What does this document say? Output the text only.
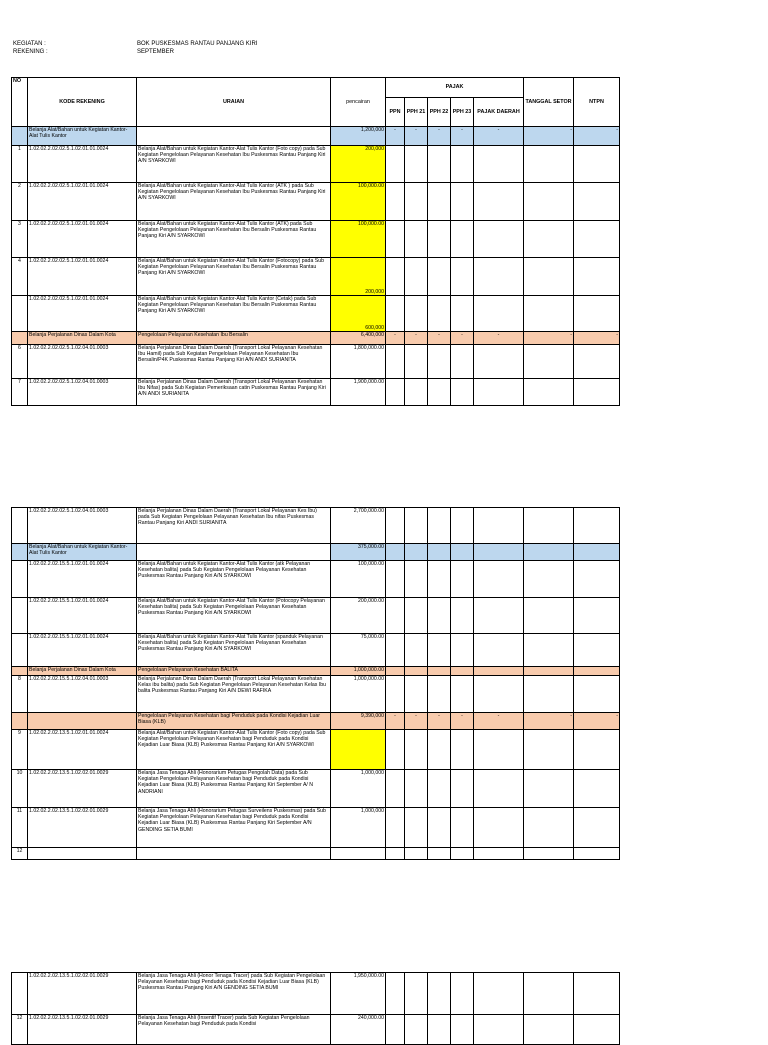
KEGIATAN :
REKENING :
BOK PUSKESMAS RANTAU PANJANG KIRI
SEPTEMBER
NO	KODE REKENING	URAIAN	pencairan	PAJAK					TANGGAL SETOR	NTPN
				PPN	PPH 21	PPH 22	PPH 23	PAJAK DAERAH		
	Belanja Alat/Bahan untuk Kegiatan Kantor-Alat Tulis Kantor		1,200,000	-	-	-	-	-	-	-
1	1.02.02.2.02.02.5.1.02.01.01.0024	Belanja Alat/Bahan untuk Kegiatan Kantor-Alat Tulis Kantor (Foto copy) pada Sub Kegiatan Pengelolaan Pelayanan Kesehatan Ibu Puskesmas Rantau Panjang Kiri A/N SYARKOWI	200,000							
2	1.02.02.2.02.02.5.1.02.01.01.0024	Belanja Alat/Bahan untuk Kegiatan Kantor-Alat Tulis Kantor (ATK ) pada Sub Kegiatan Pengelolaan Pelayanan Kesehatan Ibu Puskesmas Rantau Panjang Kiri A/N SYARKOWI	100,000.00							
3	1.02.02.2.02.02.5.1.02.01.01.0024	Belanja Alat/Bahan untuk Kegiatan Kantor-Alat Tulis Kantor (ATK) pada Sub Kegiatan Pengelolaan Pelayanan Kesehatan Ibu Bersalin Puskesmas Rantau Panjang Kiri A/N SYARKOWI	100,000.00							
4	1.02.02.2.02.02.5.1.02.01.01.0024	Belanja Alat/Bahan untuk Kegiatan Kantor-Alat Tulis Kantor (Fotocopy) pada Sub Kegiatan Pengelolaan Pelayanan Kesehatan Ibu Bersalin Puskesmas Rantau Panjang Kiri A/N SYARKOWI	200,000							
	1.02.02.2.02.02.5.1.02.01.01.0024	Belanja Alat/Bahan untuk Kegiatan Kantor-Alat Tulis Kantor (Cetak) pada Sub Kegiatan Pengelolaan Pelayanan Kesehatan Ibu Bersalin Puskesmas Rantau Panjang Kiri A/N SYARKOWI	600,000							
	Belanja Perjalanan Dinas Dalam Kota	Pengelolaan Pelayanan Kesehatan Ibu Bersalin	6,400,000	-	-	-	-	-	-	-
6	1.02.02.2.02.02.5.1.02.04.01.0003	Belanja Perjalanan Dinas Dalam Daerah (Transport Lokal Pelayanan Kesehatan Ibu Hamil) pada Sub Kegiatan Pengelolaan Pelayanan Kesehatan Ibu Bersalin/P4K Puskesmas Rantau Panjang Kiri A/N ANDI SURIANITA	1,800,000.00							
7	1.02.02.2.02.02.5.1.02.04.01.0003	Belanja Perjalanan Dinas Dalam Daerah (Transport Lokal Pelayanan Kesehatan Ibu Nifas) pada Sub Kegiatan Pemeriksaan catin Puskesmas Rantau Panjang Kiri A/N ANDI SURIANITA	1,900,000.00							
	1.02.02.2.02.02.5.1.02.04.01.0003	Belanja Perjalanan Dinas Dalam Daerah (Transport Lokal Pelayanan Kes Ibu) pada Sub Kegiatan Pengelolaan Pelayanan Kesehatan Ibu nifas Puskesmas Rantau Panjang Kiri ANDI SURIANITA	2,700,000.00							
	Belanja Alat/Bahan untuk Kegiatan Kantor-Alat Tulis Kantor		375,000.00							
	1.02.02.2.02.15.5.1.02.01.01.0024	Belanja Alat/Bahan untuk Kegiatan Kantor-Alat Tulis Kantor (atk Pelayanan Kesehatan balita) pada Sub Kegiatan Pengelolaan Pelayanan Kesehatan Puskesmas Rantau Panjang Kiri A/N SYARKOWI	100,000.00							
	1.02.02.2.02.15.5.1.02.01.01.0024	Belanja Alat/Bahan untuk Kegiatan Kantor-Alat Tulis Kantor (Potocopy Pelayanan Kesehatan balita) pada Sub Kegiatan Pengelolaan Pelayanan Kesehatan Puskesmas Rantau Panjang Kiri A/N SYARKOWI	200,000.00							
	1.02.02.2.02.15.5.1.02.01.01.0024	Belanja Alat/Bahan untuk Kegiatan Kantor-Alat Tulis Kantor (spanduk Pelayanan Kesehatan balita) pada Sub Kegiatan Pengelolaan Pelayanan Kesehatan Puskesmas Rantau Panjang Kiri A/N SYARKOWI	75,000.00							
	Belanja Perjalanan Dinas Dalam Kota	Pengelolaan Pelayanan Kesehatan BALITA	1,000,000.00							
8	1.02.02.2.02.15.5.1.02.04.01.0003	Belanja Perjalanan Dinas Dalam Daerah (Transport Lokal Pelayanan Kesehatan Kelas ibu balita) pada Sub Kegiatan Pengelolaan Pelayanan Kesehatan Kelas Ibu balita Puskesmas Rantau Panjang Kiri A/N DEWI RAFIKA	1,000,000.00							
		Pengelolaan Pelayanan Kesehatan bagi Penduduk pada Kondisi Kejadian Luar Biasa (KLB)	9,390,000	-	-	-	-	-	-	-
9	1.02.02.2.02.13.5.1.02.01.01.0024	Belanja Alat/Bahan untuk Kegiatan Kantor-Alat Tulis Kantor (Foto copy) pada Sub Kegiatan Pengelolaan Pelayanan Kesehatan bagi Penduduk pada Kondisi Kejadian Luar Biasa (KLB) Puskesmas Rantau Panjang Kiri A/N SYARKOWI								
10	1.02.02.2.02.13.5.1.02.02.01.0029	Belanja Jasa Tenaga Ahli (Honorarium Petugas Pengolah Data) pada Sub Kegiatan Pengelolaan Pelayanan Kesehatan bagi Penduduk pada Kondisi Kejadian Luar Biasa (KLB) Puskesmas Rantau Panjang Kiri September A/ N ANDRIANI	1,000,000							
11	1.02.02.2.02.13.5.1.02.02.01.0029	Belanja Jasa Tenaga Ahli (Honorarium Petugas Surveilens Puskesmas) pada Sub Kegiatan Pengelolaan Pelayanan Kesehatan bagi Penduduk pada Kondisi Kejadian Luar Biasa (KLB) Puskesmas Rantau Panjang Kiri September A/N GENDING SETIA BUMI	1,000,000							
12										
	1.02.02.2.02.13.5.1.02.02.01.0029	Belanja Jasa Tenaga Ahli (Honor Tenaga Tracer) pada Sub Kegiatan Pengelolaan Pelayanan Kesehatan bagi Penduduk pada Kondisi Kejadian Luar Biasa (KLB) Puskesmas Rantau Panjang Kiri A/N GENDING SETIA BUMI	1,950,000.00							
12	1.02.02.2.02.13.5.1.02.02.01.0029	Belanja Jasa Tenaga Ahli (Insentif Tracer) pada Sub Kegiatan Pengelolaan Pelayanan Kesehatan bagi Penduduk pada Kondisi	240,000.00							
